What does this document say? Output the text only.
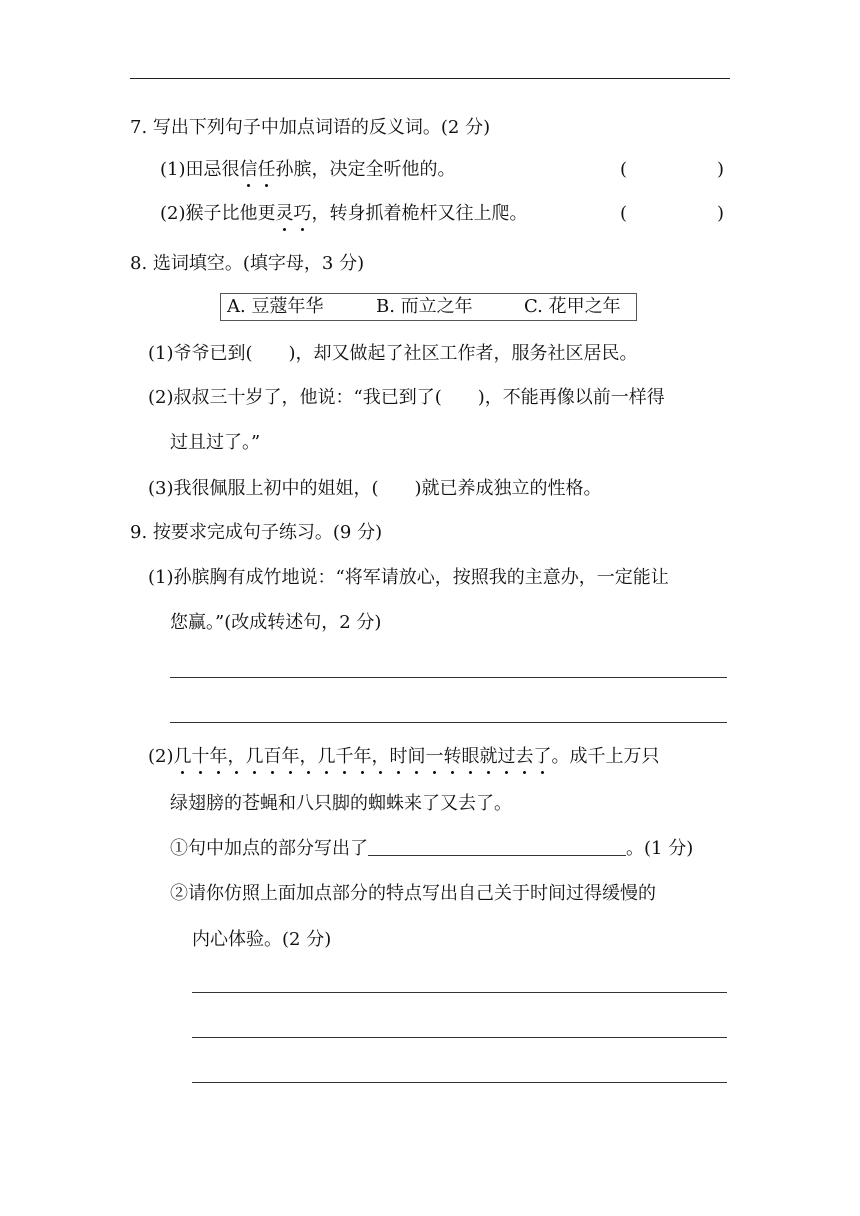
7. 写出下列句子中加点词语的反义词。(2 分)
(1)田忌很信任孙膑，决定全听他的。	(	)
(2)猴子比他更灵巧，转身抓着桅杆又往上爬。	(	)
8. 选词填空。(填字母，3 分)
A. 豆蔻年华	B. 而立之年	C. 花甲之年
(1)爷爷已到(　　)，却又做起了社区工作者，服务社区居民。
(2)叔叔三十岁了，他说：“我已到了(　　)，不能再像以前一样得
过且过了。”
(3)我很佩服上初中的姐姐，(　　)就已养成独立的性格。
9. 按要求完成句子练习。(9 分)
(1)孙膑胸有成竹地说：“将军请放心，按照我的主意办，一定能让
您赢。”(改成转述句，2 分)
(2)几十年，几百年，几千年，时间一转眼就过去了。成千上万只
绿翅膀的苍蝇和八只脚的蜘蛛来了又去了。
①句中加点的部分写出了	。(1 分)
②请你仿照上面加点部分的特点写出自己关于时间过得缓慢的
内心体验。(2 分)
